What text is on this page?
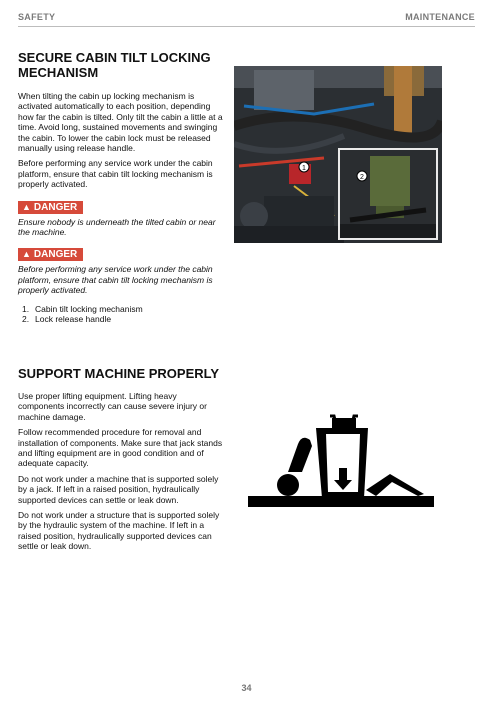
SAFETY	MAINTENANCE
SECURE CABIN TILT LOCKING MECHANISM

When tilting the cabin up locking mechanism is activated automatically to each position, depending how far the cabin is tilted. Only tilt the cabin a little at a time. Avoid long, sustained movements and swinging the cabin. To lower the cabin lock must be released manually using release handle.

Before performing any service work under the cabin platform, ensure that cabin tilt locking mechanism is properly activated.

▲ DANGER

Ensure nobody is underneath the tilted cabin or near the machine.

▲ DANGER

Before performing any service work under the cabin platform, ensure that cabin tilt locking mechanism is properly activated.

1. Cabin tilt locking mechanism
2. Lock release handle
1
2
SUPPORT MACHINE PROPERLY

Use proper lifting equipment. Lifting heavy components incorrectly can cause severe injury or machine damage.

Follow recommended procedure for removal and installation of components. Make sure that jack stands and lifting equipment are in good condition and of adequate capacity.

Do not work under a machine that is supported solely by a jack. If left in a raised position, hydraulically supported devices can settle or leak down.

Do not work under a structure that is supported solely by the hydraulic system of the machine. If left in a raised position, hydraulically supported devices can settle or leak down.

34
